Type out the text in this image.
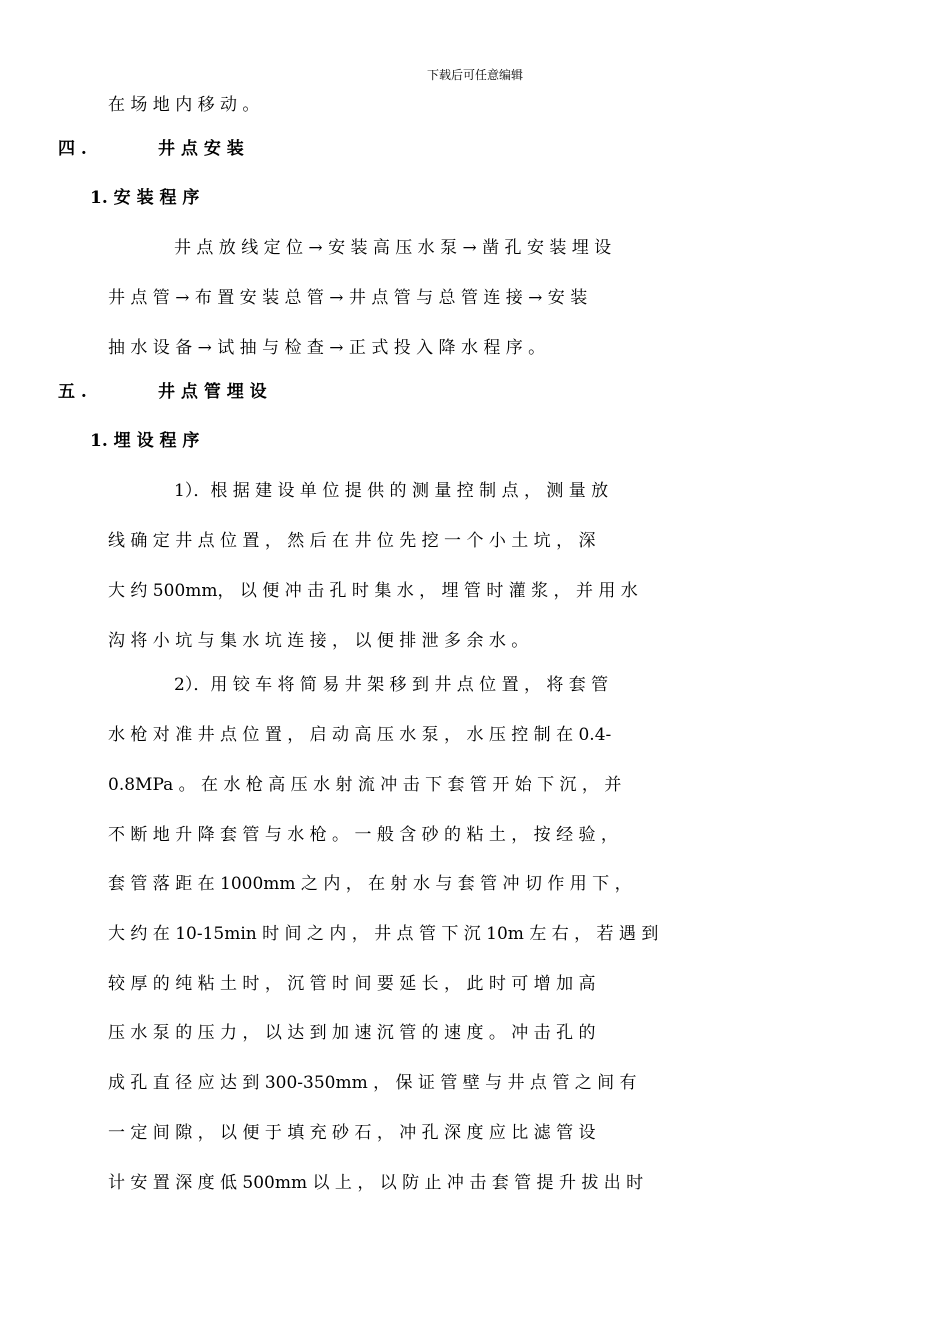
下载后可任意编辑
在 场 地 内 移 动 。
四 .	井 点 安 装
1. 安 装 程 序
井 点 放 线 定 位 → 安 装 高 压 水 泵 → 凿 孔 安 装 埋 设
井 点 管 → 布 置 安 装 总 管 → 井 点 管 与 总 管 连 接 → 安 装
抽 水 设 备 → 试 抽 与 检 查 → 正 式 投 入 降 水 程 序 。
五 .	井 点 管 埋 设
1. 埋 设 程 序
1）．根 据 建 设 单 位 提 供 的 测 量 控 制 点 ， 测 量 放
线 确 定 井 点 位 置 ， 然 后 在 井 位 先 挖 一 个 小 土 坑 ， 深
大 约 500mm， 以 便 冲 击 孔 时 集 水 ， 埋 管 时 灌 浆 ， 并 用 水
沟 将 小 坑 与 集 水 坑 连 接 ， 以 便 排 泄 多 余 水 。
2）．用 铰 车 将 简 易 井 架 移 到 井 点 位 置 ， 将 套 管
水 枪 对 准 井 点 位 置 ， 启 动 高 压 水 泵 ， 水 压 控 制 在 0.4-
0.8MPa 。 在 水 枪 高 压 水 射 流 冲 击 下 套 管 开 始 下 沉 ， 并
不 断 地 升 降 套 管 与 水 枪 。 一 般 含 砂 的 粘 土 ， 按 经 验 ，
套 管 落 距 在 1000mm 之 内 ， 在 射 水 与 套 管 冲 切 作 用 下 ，
大 约 在 10-15min 时 间 之 内 ， 井 点 管 下 沉 10m 左 右 ， 若 遇 到
较 厚 的 纯 粘 土 时 ， 沉 管 时 间 要 延 长 ， 此 时 可 增 加 高
压 水 泵 的 压 力 ， 以 达 到 加 速 沉 管 的 速 度 。 冲 击 孔 的
成 孔 直 径 应 达 到 300-350mm ， 保 证 管 壁 与 井 点 管 之 间 有
一 定 间 隙 ， 以 便 于 填 充 砂 石 ， 冲 孔 深 度 应 比 滤 管 设
计 安 置 深 度 低 500mm 以 上 ， 以 防 止 冲 击 套 管 提 升 拔 出 时
